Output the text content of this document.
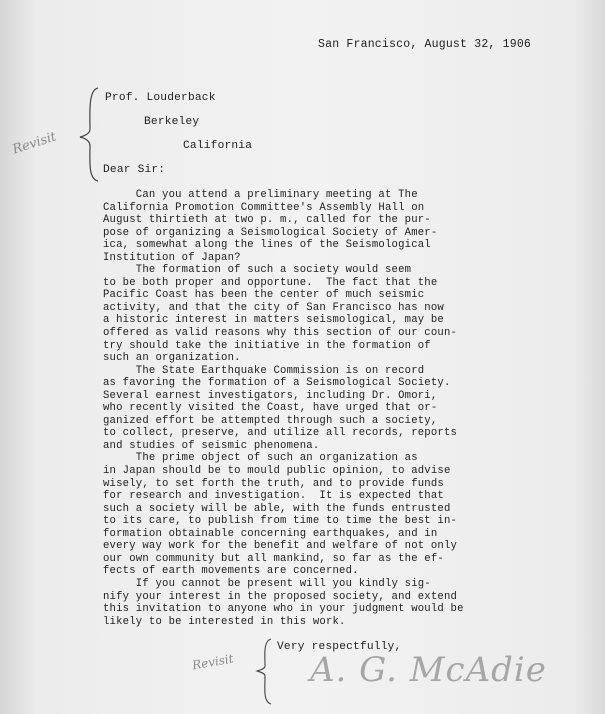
San Francisco, August 32, 1906
Prof. Louderback
Berkeley
California
Revisit
Dear Sir:
Can you attend a preliminary meeting at The
California Promotion Committee's Assembly Hall on
August thirtieth at two p. m., called for the pur-
pose of organizing a Seismological Society of Amer-
ica, somewhat along the lines of the Seismological
Institution of Japan?
The formation of such a society would seem
to be both proper and opportune.  The fact that the
Pacific Coast has been the center of much seismic
activity, and that the city of San Francisco has now
a historic interest in matters seismological, may be
offered as valid reasons why this section of our coun-
try should take the initiative in the formation of
such an organization.
The State Earthquake Commission is on record
as favoring the formation of a Seismological Society.
Several earnest investigators, including Dr. Omori,
who recently visited the Coast, have urged that or-
ganized effort be attempted through such a society,
to collect, preserve, and utilize all records, reports
and studies of seismic phenomena.
The prime object of such an organization as
in Japan should be to mould public opinion, to advise
wisely, to set forth the truth, and to provide funds
for research and investigation.  It is expected that
such a society will be able, with the funds entrusted
to its care, to publish from time to time the best in-
formation obtainable concerning earthquakes, and in
every way work for the benefit and welfare of not only
our own community but all mankind, so far as the ef-
fects of earth movements are concerned.
If you cannot be present will you kindly sig-
nify your interest in the proposed society, and extend
this invitation to anyone who in your judgment would be
likely to be interested in this work.
Revisit
Very respectfully,
A. G. McAdie
